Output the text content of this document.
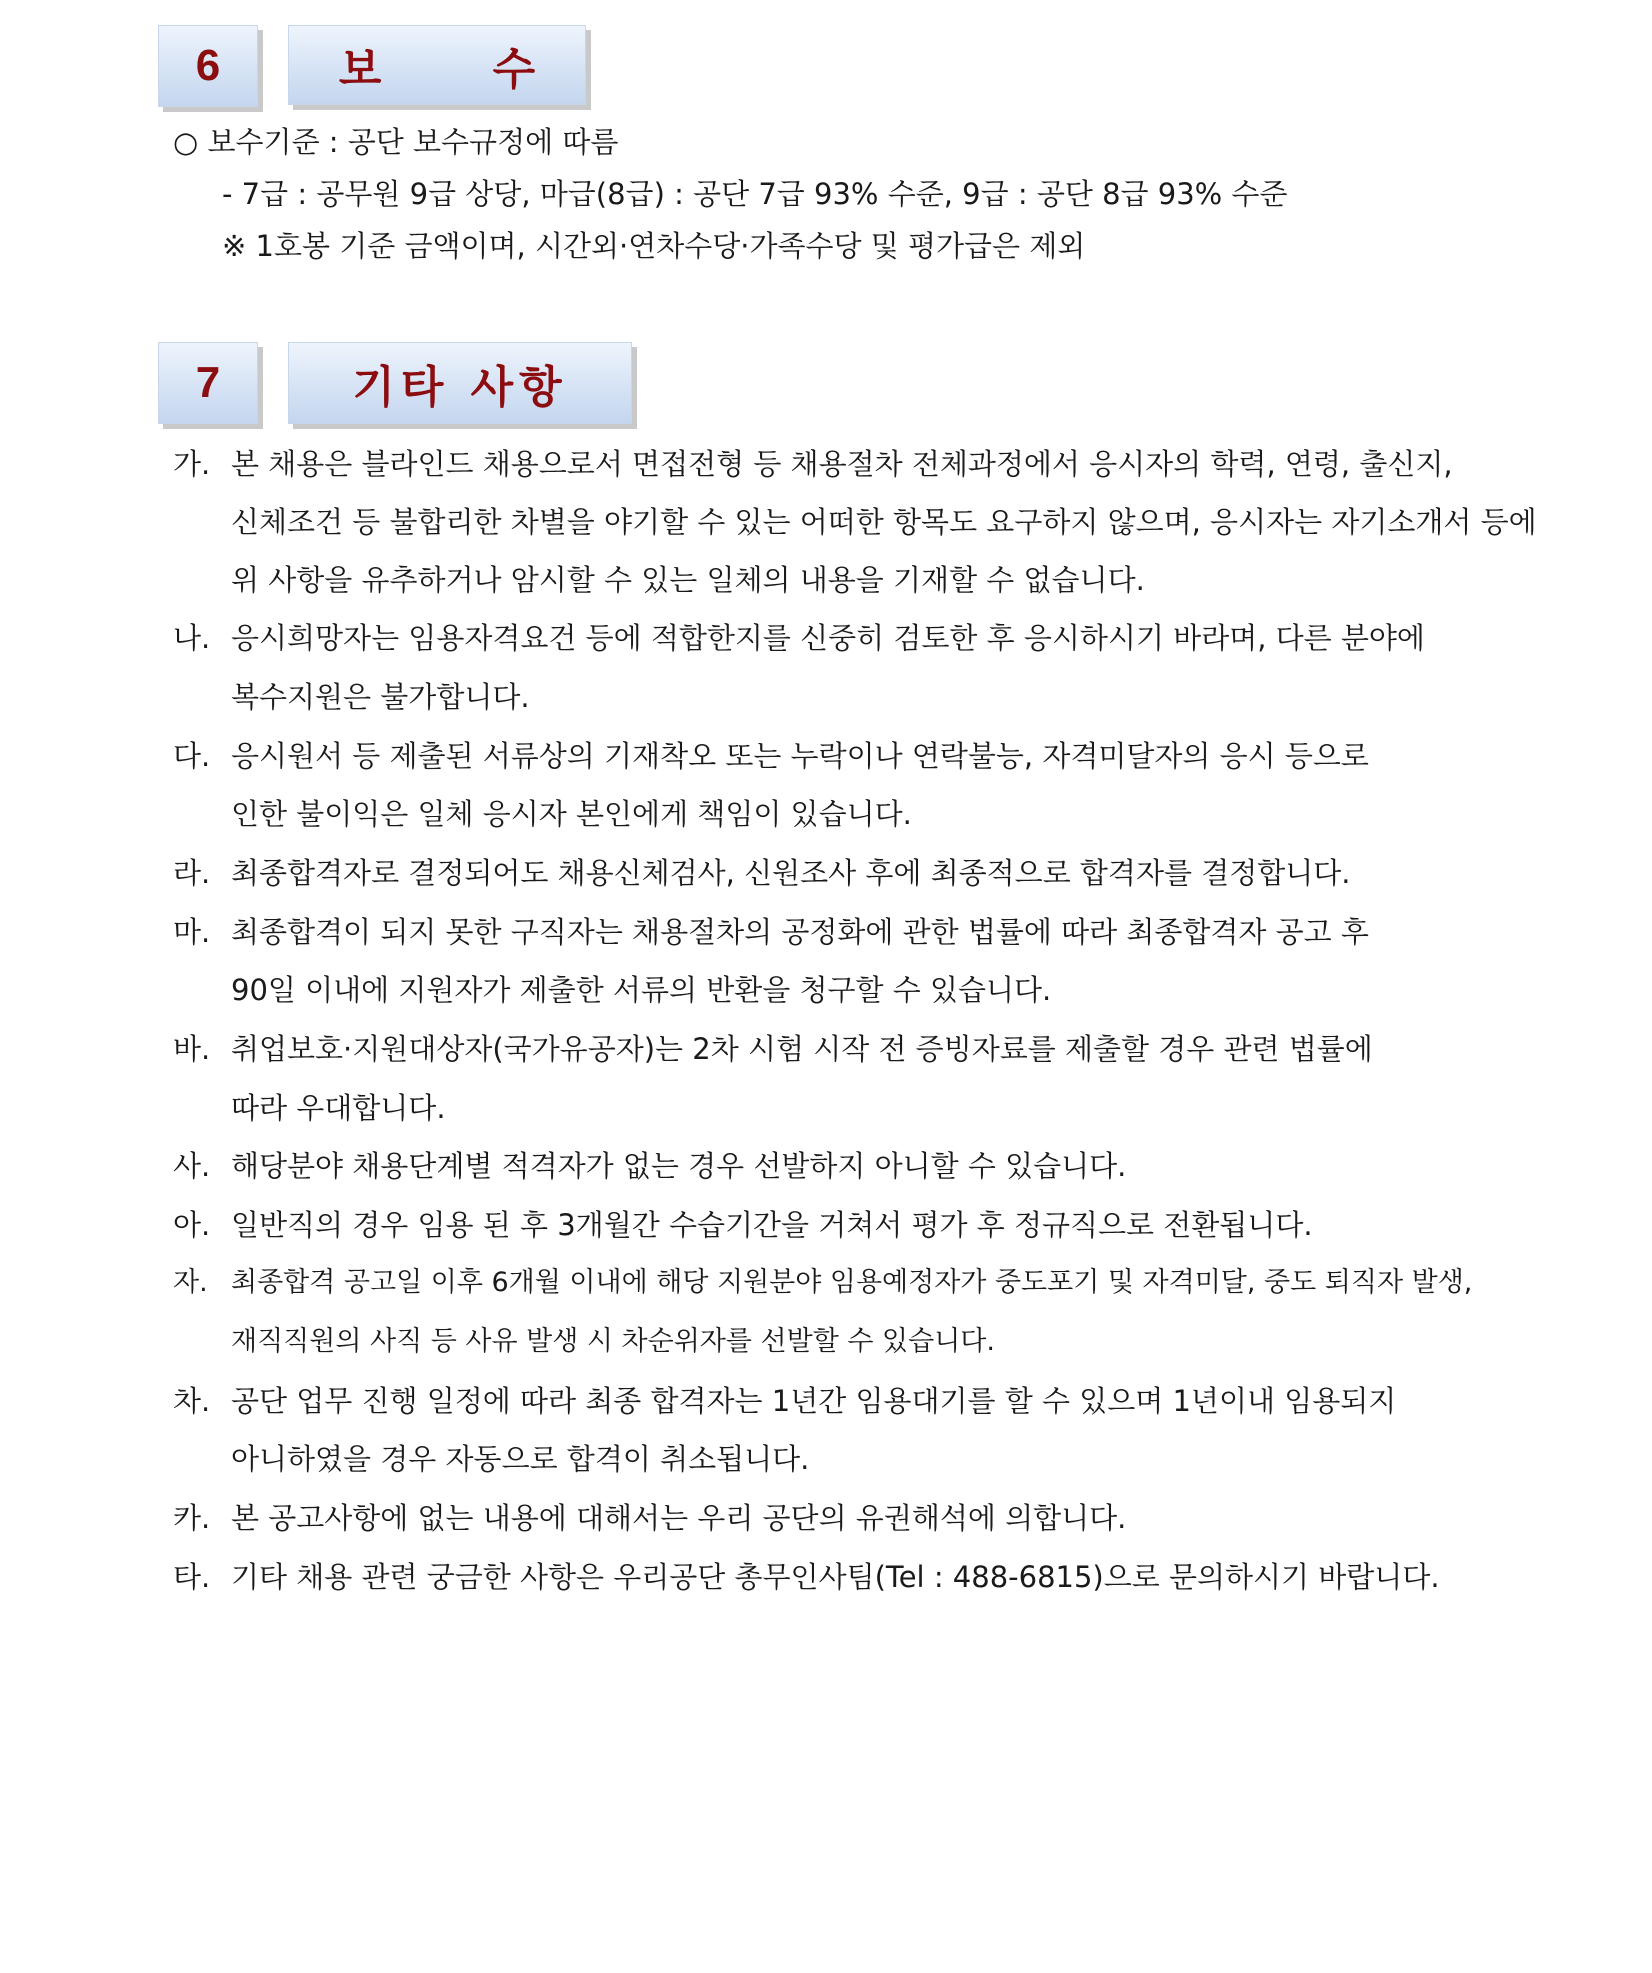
6	보 수
○ 보수기준 : 공단 보수규정에 따름
- 7급 : 공무원 9급 상당, 마급(8급) : 공단 7급 93% 수준, 9급 : 공단 8급 93% 수준
※ 1호봉 기준 금액이며, 시간외·연차수당·가족수당 및 평가급은 제외
7	기타 사항
가. 본 채용은 블라인드 채용으로서 면접전형 등 채용절차 전체과정에서 응시자의 학력, 연령, 출신지,
신체조건 등 불합리한 차별을 야기할 수 있는 어떠한 항목도 요구하지 않으며, 응시자는 자기소개서 등에
위 사항을 유추하거나 암시할 수 있는 일체의 내용을 기재할 수 없습니다.
나. 응시희망자는 임용자격요건 등에 적합한지를 신중히 검토한 후 응시하시기 바라며, 다른 분야에
복수지원은 불가합니다.
다. 응시원서 등 제출된 서류상의 기재착오 또는 누락이나 연락불능, 자격미달자의 응시 등으로
인한 불이익은 일체 응시자 본인에게 책임이 있습니다.
라. 최종합격자로 결정되어도 채용신체검사, 신원조사 후에 최종적으로 합격자를 결정합니다.
마. 최종합격이 되지 못한 구직자는 채용절차의 공정화에 관한 법률에 따라 최종합격자 공고 후
90일 이내에 지원자가 제출한 서류의 반환을 청구할 수 있습니다.
바. 취업보호·지원대상자(국가유공자)는 2차 시험 시작 전 증빙자료를 제출할 경우 관련 법률에
따라 우대합니다.
사. 해당분야 채용단계별 적격자가 없는 경우 선발하지 아니할 수 있습니다.
아. 일반직의 경우 임용 된 후 3개월간 수습기간을 거쳐서 평가 후 정규직으로 전환됩니다.
자. 최종합격 공고일 이후 6개월 이내에 해당 지원분야 임용예정자가 중도포기 및 자격미달, 중도 퇴직자 발생,
재직직원의 사직 등 사유 발생 시 차순위자를 선발할 수 있습니다.
차. 공단 업무 진행 일정에 따라 최종 합격자는 1년간 임용대기를 할 수 있으며 1년이내 임용되지
아니하였을 경우 자동으로 합격이 취소됩니다.
카. 본 공고사항에 없는 내용에 대해서는 우리 공단의 유권해석에 의합니다.
타. 기타 채용 관련 궁금한 사항은 우리공단 총무인사팀(Tel : 488-6815)으로 문의하시기 바랍니다.
